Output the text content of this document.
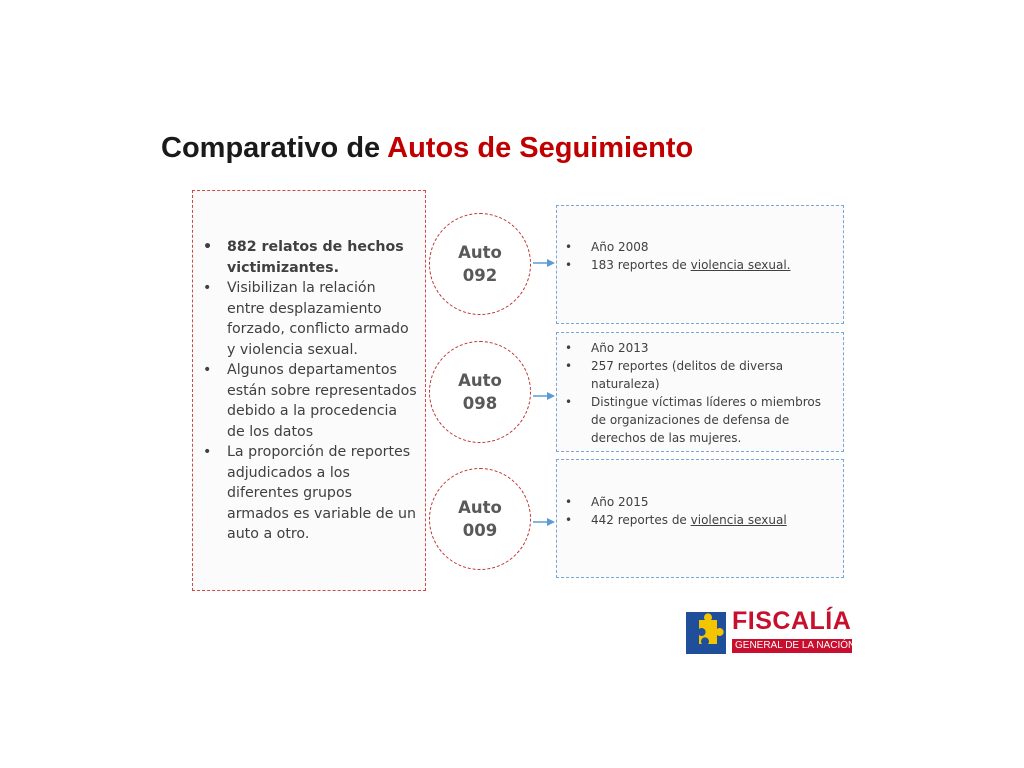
Comparativo de Autos de Seguimiento
• 882 relatos de hechos victimizantes.
• Visibilizan la relación entre desplazamiento forzado, conflicto armado y violencia sexual.
• Algunos departamentos están sobre representados debido a la procedencia de los datos
• La proporción de reportes adjudicados a los diferentes grupos armados es variable de un auto a otro.
Auto
092
Auto
098
Auto
009
• Año 2008
• 183 reportes de violencia sexual.
• Año 2013
• 257 reportes (delitos de diversa naturaleza)
• Distingue víctimas líderes o miembros de organizaciones de defensa de derechos de las mujeres.
• Año 2015
• 442 reportes de violencia sexual
FISCALÍA
GENERAL DE LA NACIÓN
